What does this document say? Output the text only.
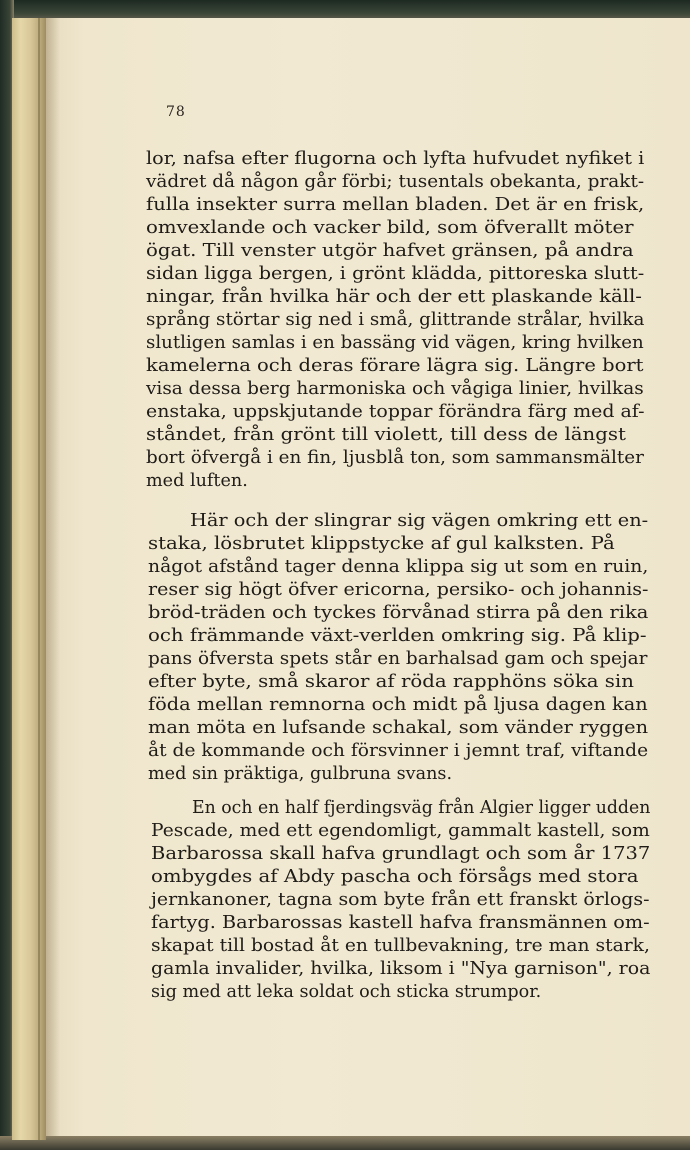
78
lor, nafsa efter flugorna och lyfta hufvudet nyfiket i
vädret då någon går förbi; tusentals obekanta, prakt-
fulla insekter surra mellan bladen. Det är en frisk,
omvexlande och vacker bild, som öfverallt möter
ögat. Till venster utgör hafvet gränsen, på andra
sidan ligga bergen, i grönt klädda, pittoreska slutt-
ningar, från hvilka här och der ett plaskande käll-
språng störtar sig ned i små, glittrande strålar, hvilka
slutligen samlas i en bassäng vid vägen, kring hvilken
kamelerna och deras förare lägra sig. Längre bort
visa dessa berg harmoniska och vågiga linier, hvilkas
enstaka, uppskjutande toppar förändra färg med af-
ståndet, från grönt till violett, till dess de längst
bort öfvergå i en fin, ljusblå ton, som sammansmälter
med luften.
Här och der slingrar sig vägen omkring ett en-
staka, lösbrutet klippstycke af gul kalksten. På
något afstånd tager denna klippa sig ut som en ruin,
reser sig högt öfver ericorna, persiko- och johannis-
bröd-träden och tyckes förvånad stirra på den rika
och främmande växt-verlden omkring sig. På klip-
pans öfversta spets står en barhalsad gam och spejar
efter byte, små skaror af röda rapphöns söka sin
föda mellan remnorna och midt på ljusa dagen kan
man möta en lufsande schakal, som vänder ryggen
åt de kommande och försvinner i jemnt traf, viftande
med sin präktiga, gulbruna svans.
En och en half fjerdingsväg från Algier ligger udden
Pescade, med ett egendomligt, gammalt kastell, som
Barbarossa skall hafva grundlagt och som år 1737
ombygdes af Abdy pascha och försågs med stora
jernkanoner, tagna som byte från ett franskt örlogs-
fartyg. Barbarossas kastell hafva fransmännen om-
skapat till bostad åt en tullbevakning, tre man stark,
gamla invalider, hvilka, liksom i "Nya garnison", roa
sig med att leka soldat och sticka strumpor.
